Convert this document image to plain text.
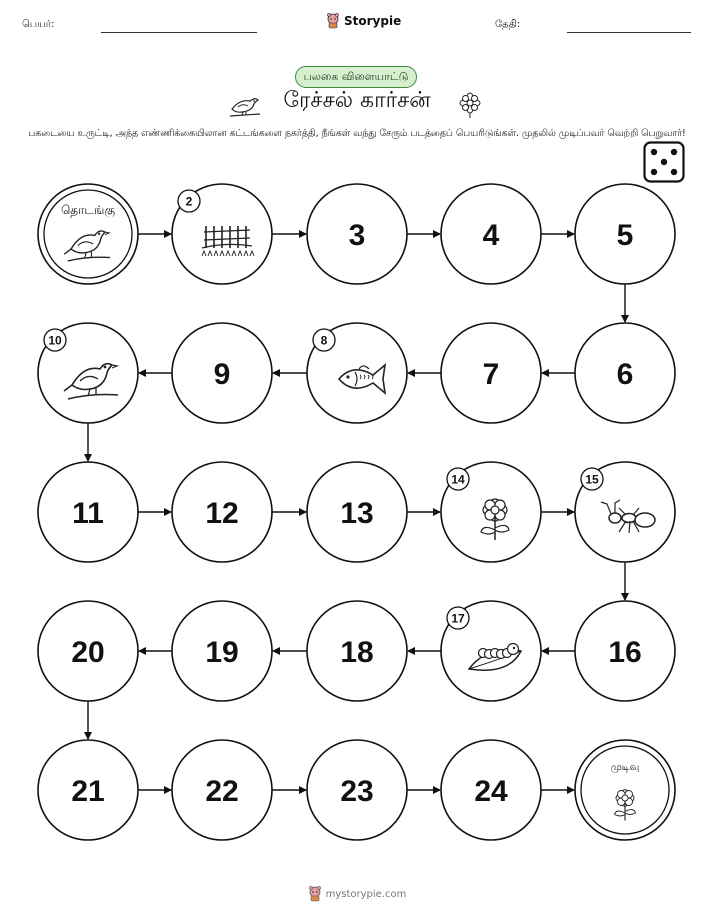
பெயர்:	Storypie	தேதி:
பலகை விளையாட்டு
ரேச்சல் கார்சன்
பகடையை உருட்டி, அந்த எண்ணிக்கையிலான கட்டங்களை நகர்த்தி, நீங்கள் வந்து சேரும் படத்தைப் பெயரிடுங்கள். முதலில் முடிப்பவர் வெற்றி பெறுவார்!
தொடங்கு
2
3	4	5
6
7
8
9
10
11	12	13
14	15
16
17
18
19
20
21	22	23	24
முடிவு
mystorypie.com
